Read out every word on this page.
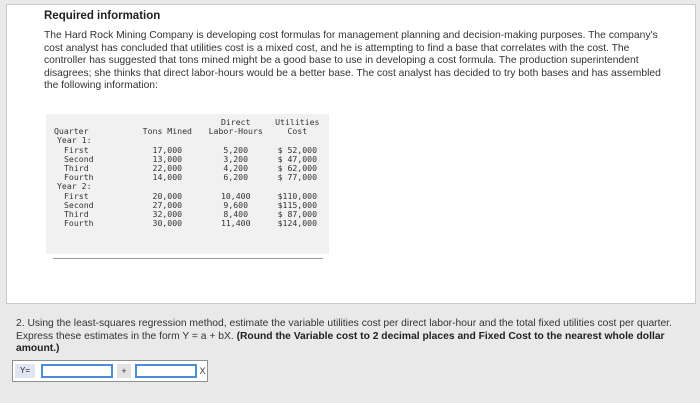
Required information
The Hard Rock Mining Company is developing cost formulas for management planning and decision-making purposes. The company's cost analyst has concluded that utilities cost is a mixed cost, and he is attempting to find a base that correlates with the cost. The controller has suggested that tons mined might be a good base to use in developing a cost formula. The production superintendent disagrees; she thinks that direct labor-hours would be a better base. The cost analyst has decided to try both bases and has assembled the following information:
		Direct	Utilities
Quarter	Tons Mined	Labor-Hours	Cost
Year 1:			
First	17,000	5,200	$ 52,000
Second	13,000	3,200	$ 47,000
Third	22,000	4,200	$ 62,000
Fourth	14,000	6,200	$ 77,000
Year 2:			
First	20,000	10,400	$110,000
Second	27,000	9,600	$115,000
Third	32,000	8,400	$ 87,000
Fourth	30,000	11,400	$124,000
2. Using the least-squares regression method, estimate the variable utilities cost per direct labor-hour and the total fixed utilities cost per quarter. Express these estimates in the form Y = a + bX. (Round the Variable cost to 2 decimal places and Fixed Cost to the nearest whole dollar amount.)
Y=	+	X
